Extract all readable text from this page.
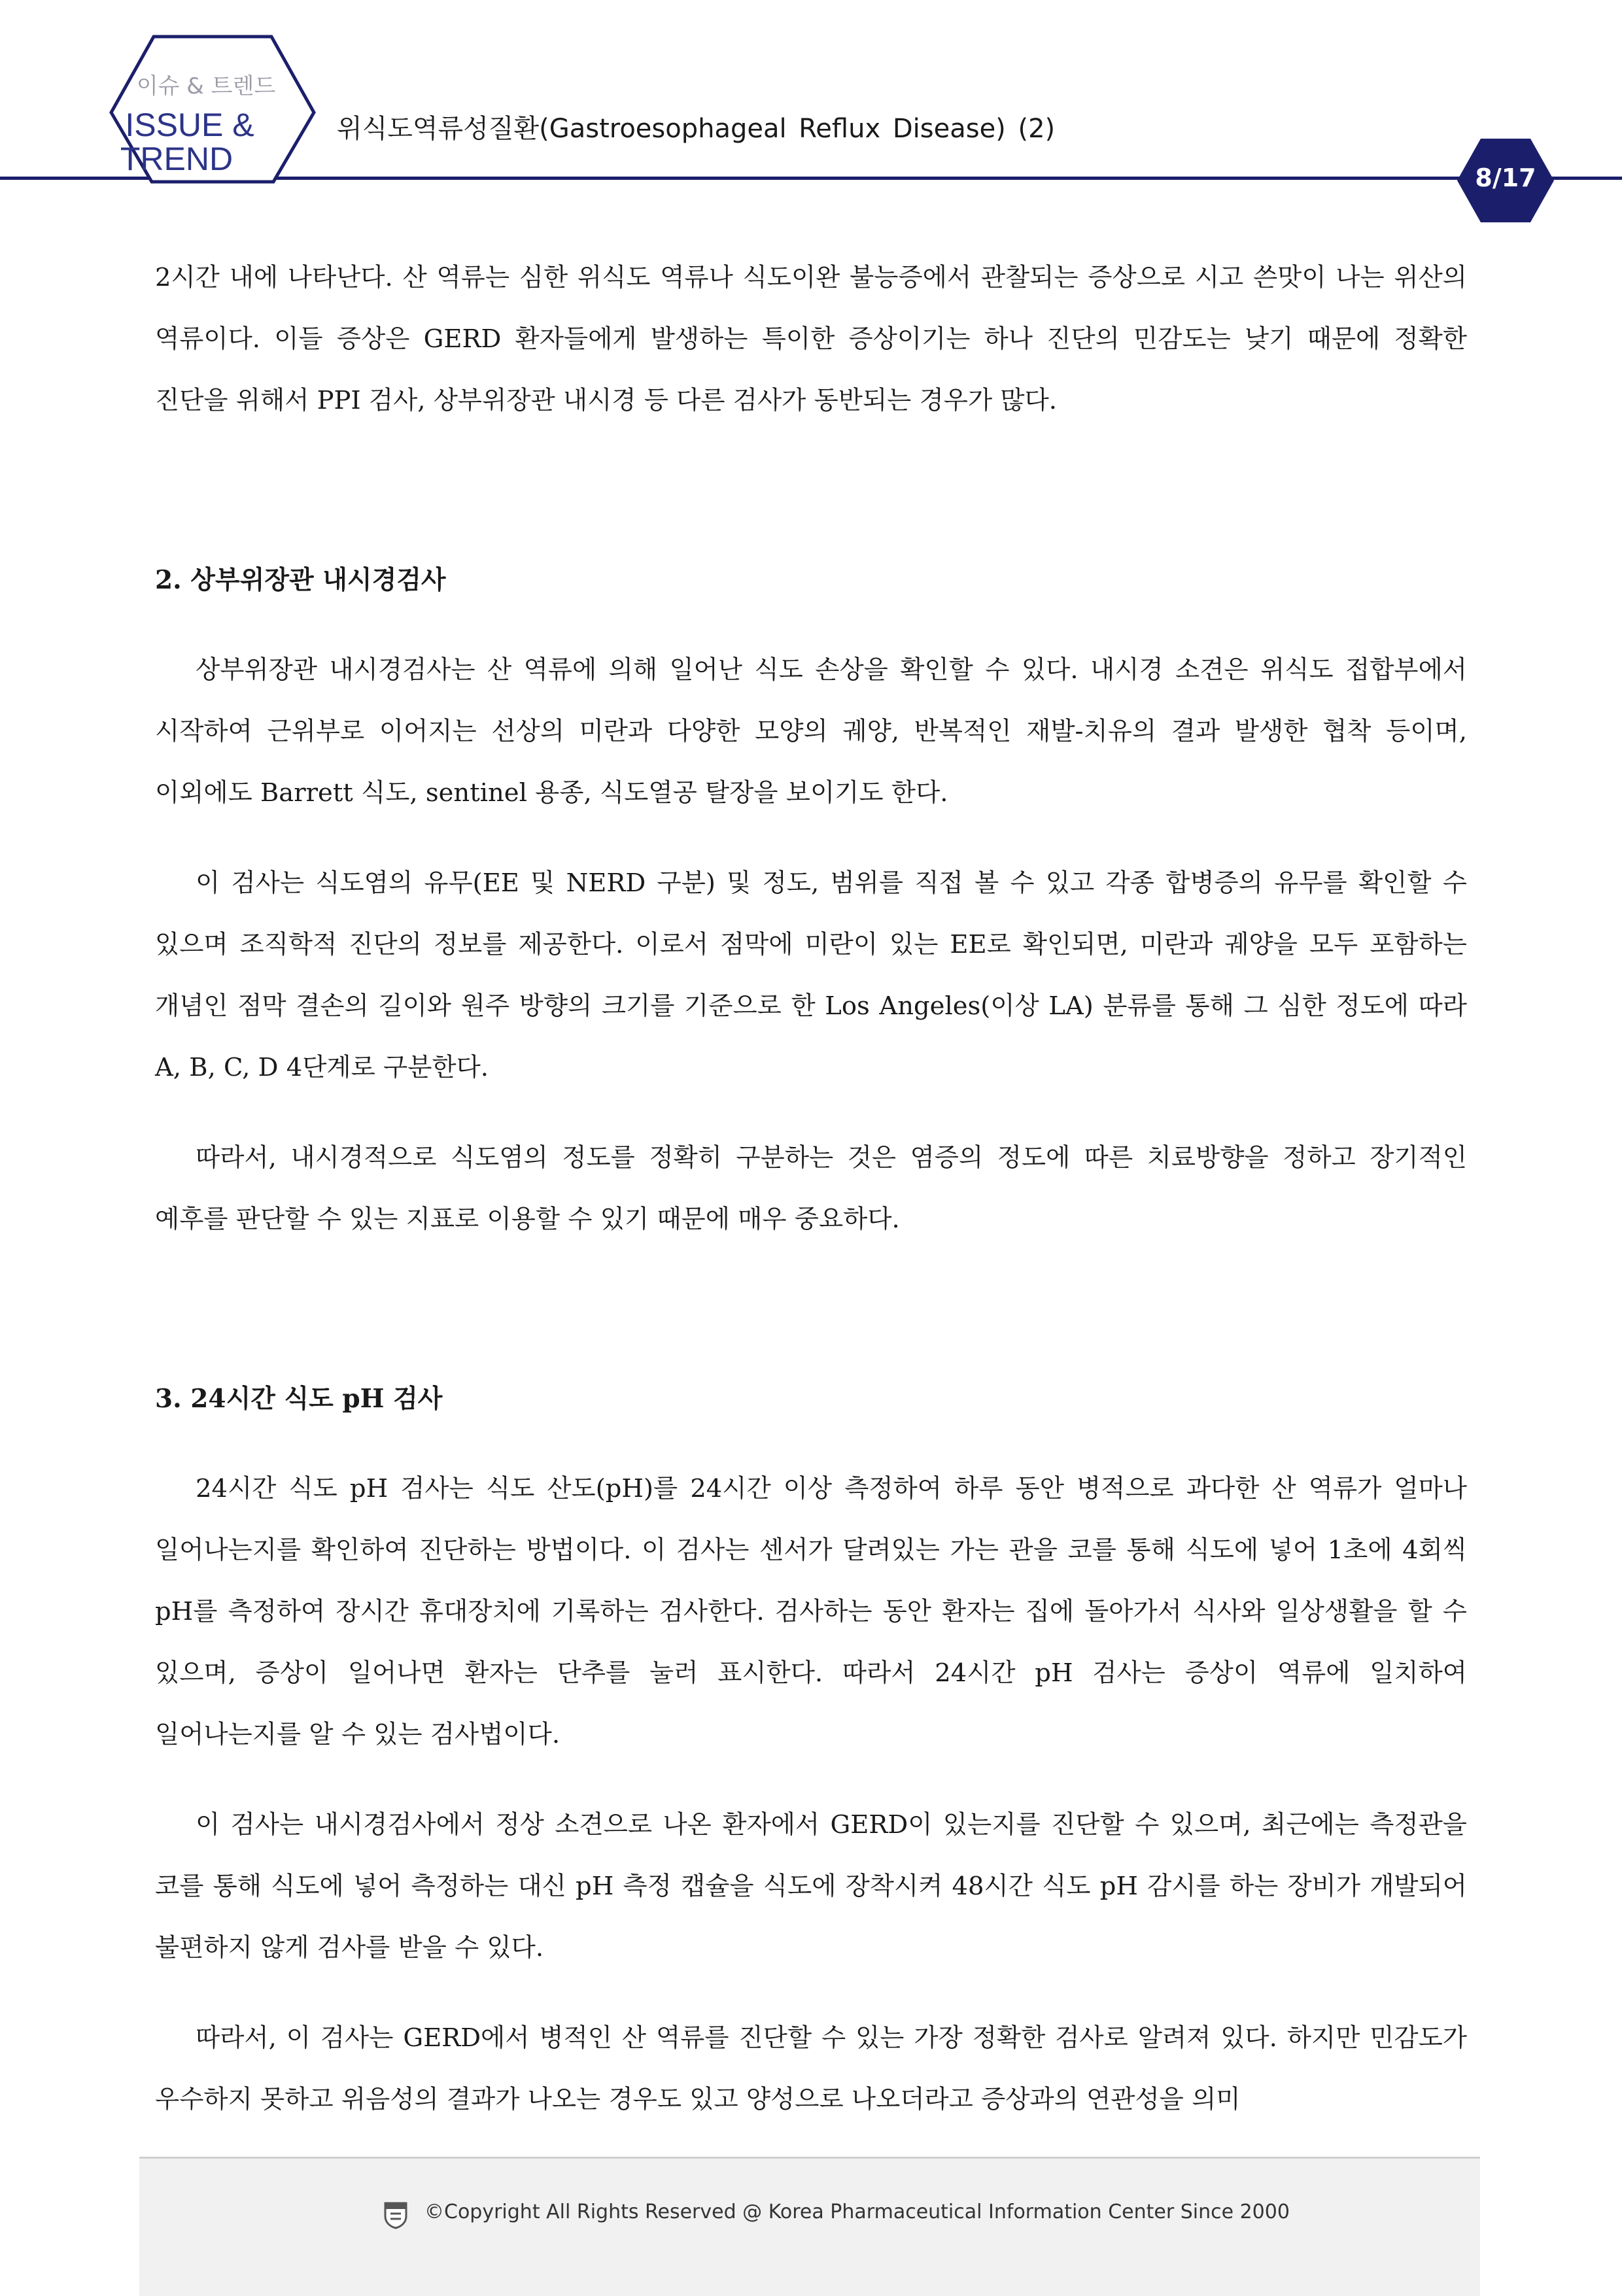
이슈 & 트렌드
ISSUE &
TREND
위식도역류성질환(Gastroesophageal Reflux Disease) (2)
8/17

2시간 내에 나타난다. 산 역류는 심한 위식도 역류나 식도이완 불능증에서 관찰되는 증상으로 시고 쓴맛이 나는 위산의 역류이다. 이들 증상은 GERD 환자들에게 발생하는 특이한 증상이기는 하나 진단의 민감도는 낮기 때문에 정확한 진단을 위해서 PPI 검사, 상부위장관 내시경 등 다른 검사가 동반되는 경우가 많다.

2. 상부위장관 내시경검사

상부위장관 내시경검사는 산 역류에 의해 일어난 식도 손상을 확인할 수 있다. 내시경 소견은 위식도 접합부에서 시작하여 근위부로 이어지는 선상의 미란과 다양한 모양의 궤양, 반복적인 재발-치유의 결과 발생한 협착 등이며, 이외에도 Barrett 식도, sentinel 용종, 식도열공 탈장을 보이기도 한다.

이 검사는 식도염의 유무(EE 및 NERD 구분) 및 정도, 범위를 직접 볼 수 있고 각종 합병증의 유무를 확인할 수 있으며 조직학적 진단의 정보를 제공한다. 이로서 점막에 미란이 있는 EE로 확인되면, 미란과 궤양을 모두 포함하는 개념인 점막 결손의 길이와 원주 방향의 크기를 기준으로 한 Los Angeles(이상 LA) 분류를 통해 그 심한 정도에 따라 A, B, C, D 4단계로 구분한다.

따라서, 내시경적으로 식도염의 정도를 정확히 구분하는 것은 염증의 정도에 따른 치료방향을 정하고 장기적인 예후를 판단할 수 있는 지표로 이용할 수 있기 때문에 매우 중요하다.

3. 24시간 식도 pH 검사

24시간 식도 pH 검사는 식도 산도(pH)를 24시간 이상 측정하여 하루 동안 병적으로 과다한 산 역류가 얼마나 일어나는지를 확인하여 진단하는 방법이다. 이 검사는 센서가 달려있는 가는 관을 코를 통해 식도에 넣어 1초에 4회씩 pH를 측정하여 장시간 휴대장치에 기록하는 검사한다. 검사하는 동안 환자는 집에 돌아가서 식사와 일상생활을 할 수 있으며, 증상이 일어나면 환자는 단추를 눌러 표시한다. 따라서 24시간 pH 검사는 증상이 역류에 일치하여 일어나는지를 알 수 있는 검사법이다.

이 검사는 내시경검사에서 정상 소견으로 나온 환자에서 GERD이 있는지를 진단할 수 있으며, 최근에는 측정관을 코를 통해 식도에 넣어 측정하는 대신 pH 측정 캡슐을 식도에 장착시켜 48시간 식도 pH 감시를 하는 장비가 개발되어 불편하지 않게 검사를 받을 수 있다.

따라서, 이 검사는 GERD에서 병적인 산 역류를 진단할 수 있는 가장 정확한 검사로 알려져 있다. 하지만 민감도가 우수하지 못하고 위음성의 결과가 나오는 경우도 있고 양성으로 나오더라고 증상과의 연관성을 의미

©Copyright All Rights Reserved @ Korea Pharmaceutical Information Center Since 2000
